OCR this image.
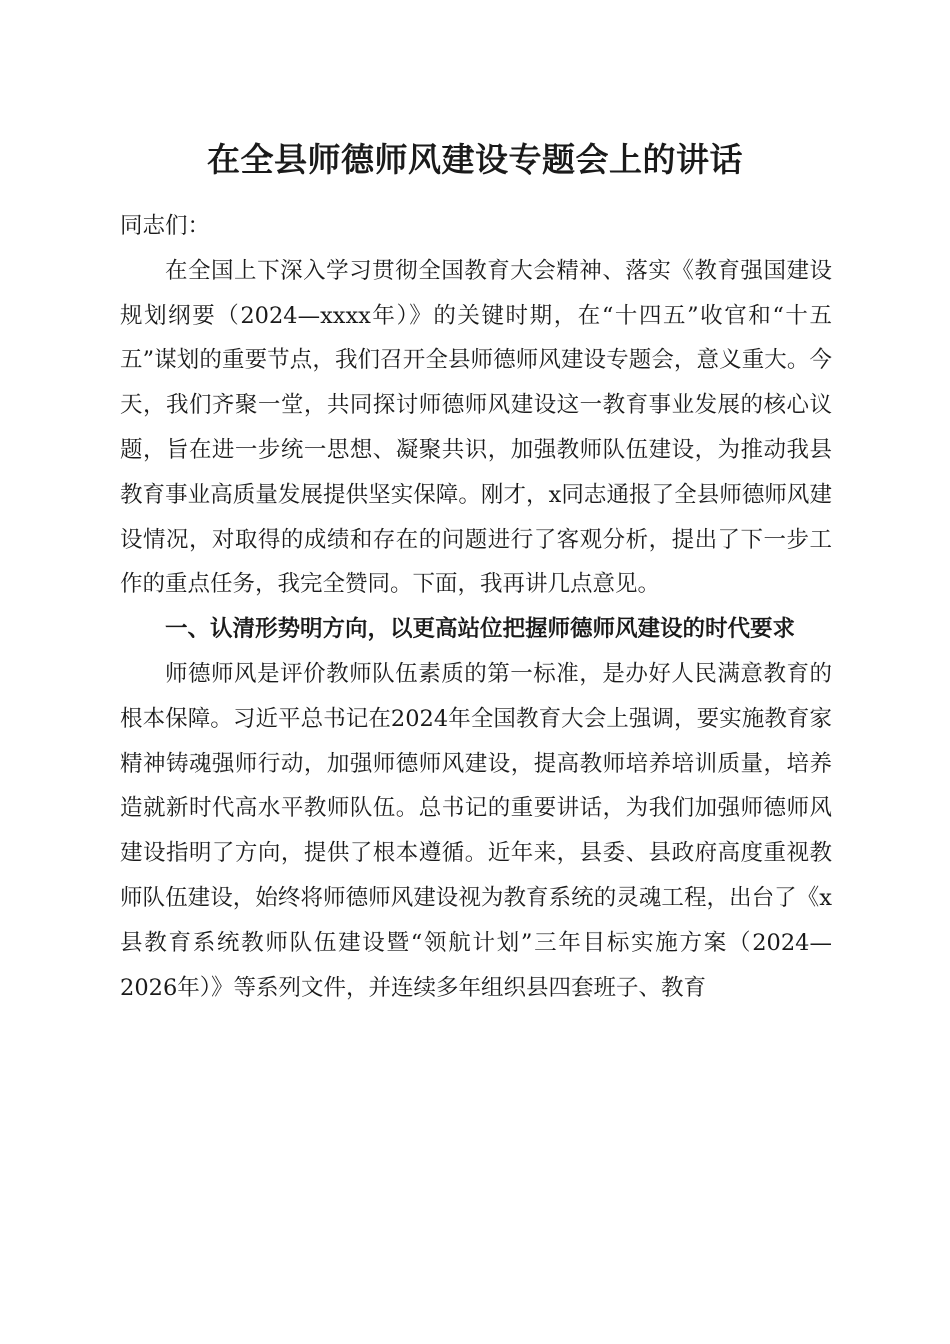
在全县师德师风建设专题会上的讲话

同志们：

在全国上下深入学习贯彻全国教育大会精神、落实《教育强国建设规划纲要（2024—xxxx年）》的关键时期，在“十四五”收官和“十五五”谋划的重要节点，我们召开全县师德师风建设专题会，意义重大。今天，我们齐聚一堂，共同探讨师德师风建设这一教育事业发展的核心议题，旨在进一步统一思想、凝聚共识，加强教师队伍建设，为推动我县教育事业高质量发展提供坚实保障。刚才，x同志通报了全县师德师风建设情况，对取得的成绩和存在的问题进行了客观分析，提出了下一步工作的重点任务，我完全赞同。下面，我再讲几点意见。

一、认清形势明方向，以更高站位把握师德师风建设的时代要求

师德师风是评价教师队伍素质的第一标准，是办好人民满意教育的根本保障。习近平总书记在2024年全国教育大会上强调，要实施教育家精神铸魂强师行动，加强师德师风建设，提高教师培养培训质量，培养造就新时代高水平教师队伍。总书记的重要讲话，为我们加强师德师风建设指明了方向，提供了根本遵循。近年来，县委、县政府高度重视教师队伍建设，始终将师德师风建设视为教育系统的灵魂工程，出台了《x县教育系统教师队伍建设暨“领航计划”三年目标实施方案（2024—2026年）》等系列文件，并连续多年组织县四套班子、教育
